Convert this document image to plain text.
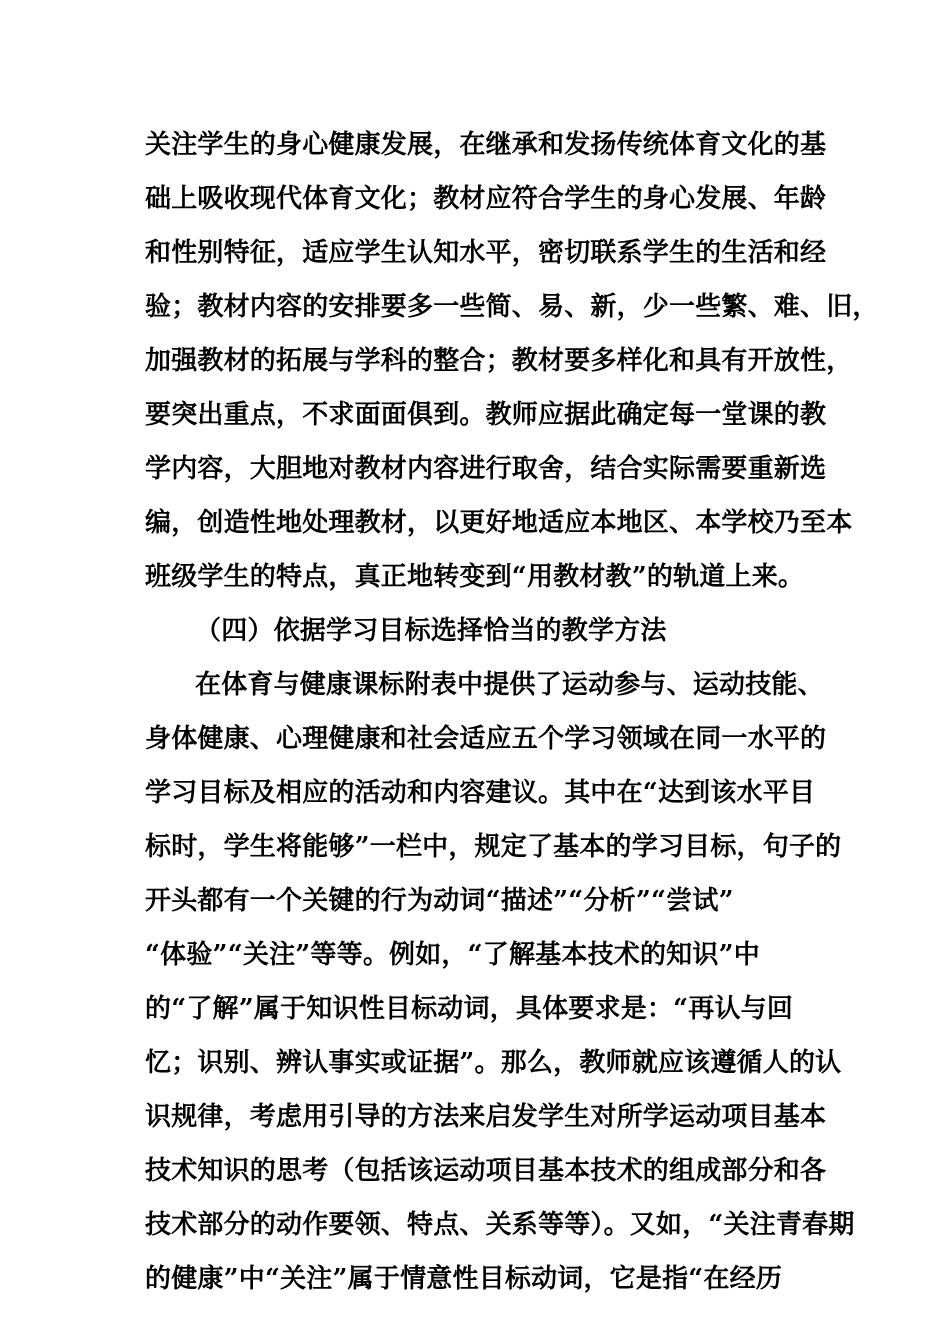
关注学生的身心健康发展，在继承和发扬传统体育文化的基
础上吸收现代体育文化；教材应符合学生的身心发展、年龄
和性别特征，适应学生认知水平，密切联系学生的生活和经
验；教材内容的安排要多一些简、易、新，少一些繁、难、旧，
加强教材的拓展与学科的整合；教材要多样化和具有开放性，
要突出重点，不求面面俱到。教师应据此确定每一堂课的教
学内容，大胆地对教材内容进行取舍，结合实际需要重新选
编，创造性地处理教材，以更好地适应本地区、本学校乃至本
班级学生的特点，真正地转变到“用教材教”的轨道上来。
（四）依据学习目标选择恰当的教学方法
在体育与健康课标附表中提供了运动参与、运动技能、
身体健康、心理健康和社会适应五个学习领域在同一水平的
学习目标及相应的活动和内容建议。其中在“达到该水平目
标时，学生将能够”一栏中，规定了基本的学习目标，句子的
开头都有一个关键的行为动词“描述”“分析”“尝试”
“体验”“关注”等等。例如，“了解基本技术的知识”中
的“了解”属于知识性目标动词，具体要求是：“再认与回
忆；识别、辨认事实或证据”。那么，教师就应该遵循人的认
识规律，考虑用引导的方法来启发学生对所学运动项目基本
技术知识的思考（包括该运动项目基本技术的组成部分和各
技术部分的动作要领、特点、关系等等）。又如，“关注青春期
的健康”中“关注”属于情意性目标动词，它是指“在经历
